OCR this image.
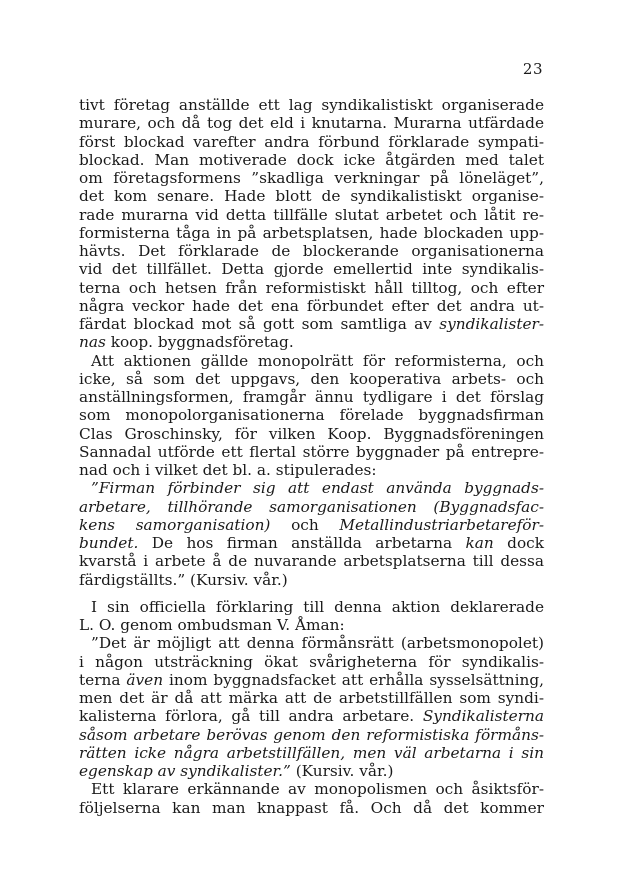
23
tivt företag anställde ett lag syndikalistiskt organiserade
murare, och då tog det eld i knutarna. Murarna utfärdade
först blockad varefter andra förbund förklarade sympati-
blockad. Man motiverade dock icke åtgärden med talet
om företagsformens ”skadliga verkningar på löneläget”,
det kom senare. Hade blott de syndikalistiskt organise-
rade murarna vid detta tillfälle slutat arbetet och låtit re-
formisterna tåga in på arbetsplatsen, hade blockaden upp-
hävts. Det förklarade de blockerande organisationerna
vid det tillfället. Detta gjorde emellertid inte syndikalis-
terna och hetsen från reformistiskt håll tilltog, och efter
några veckor hade det ena förbundet efter det andra ut-
färdat blockad mot så gott som samtliga av syndikalister-
nas koop. byggnadsföretag.
Att aktionen gällde monopolrätt för reformisterna, och
icke, så som det uppgavs, den kooperativa arbets- och
anställningsformen, framgår ännu tydligare i det förslag
som monopolorganisationerna förelade byggnadsfirman
Clas Groschinsky, för vilken Koop. Byggnadsföreningen
Sannadal utförde ett flertal större byggnader på entrepre-
nad och i vilket det bl. a. stipulerades:
”Firman förbinder sig att endast använda byggnads-
arbetare, tillhörande samorganisationen (Byggnadsfac-
kens samorganisation) och Metallindustriarbetareför-
bundet. De hos firman anställda arbetarna kan dock
kvarstå i arbete å de nuvarande arbetsplatserna till dessa
färdigställts.” (Kursiv. vår.)
I sin officiella förklaring till denna aktion deklarerade
L. O. genom ombudsman V. Åman:
”Det är möjligt att denna förmånsrätt (arbetsmonopolet)
i någon utsträckning ökat svårigheterna för syndikalis-
terna även inom byggnadsfacket att erhålla sysselsättning,
men det är då att märka att de arbetstillfällen som syndi-
kalisterna förlora, gå till andra arbetare. Syndikalisterna
såsom arbetare berövas genom den reformistiska förmåns-
rätten icke några arbetstillfällen, men väl arbetarna i sin
egenskap av syndikalister.” (Kursiv. vår.)
Ett klarare erkännande av monopolismen och åsiktsför-
följelserna kan man knappast få. Och då det kommer
